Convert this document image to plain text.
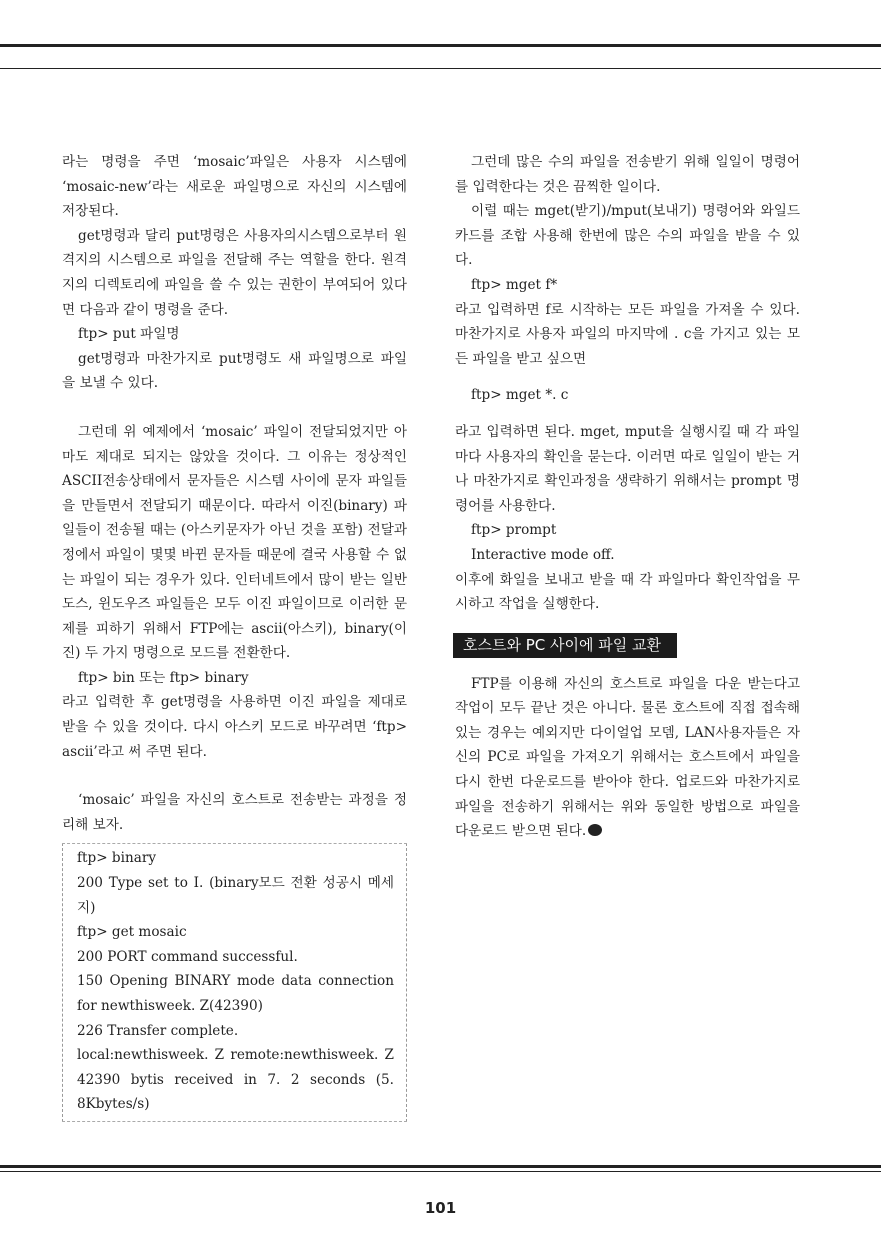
라는 명령을 주면 ‘mosaic’파일은 사용자 시스템에 ‘mosaic-new’라는 새로운 파일명으로 자신의 시스템에 저장된다.

get명령과 달리 put명령은 사용자의시스템으로부터 원격지의 시스템으로 파일을 전달해 주는 역할을 한다. 원격지의 디렉토리에 파일을 쓸 수 있는 권한이 부여되어 있다면 다음과 같이 명령을 준다.

ftp> put 파일명

get명령과 마찬가지로 put명령도 새 파일명으로 파일을 보낼 수 있다.

그런데 위 예제에서 ‘mosaic’ 파일이 전달되었지만 아마도 제대로 되지는 않았을 것이다. 그 이유는 정상적인 ASCII전송상태에서 문자들은 시스템 사이에 문자 파일들을 만들면서 전달되기 때문이다. 따라서 이진(binary) 파일들이 전송될 때는 (아스키문자가 아닌 것을 포함) 전달과정에서 파일이 몇몇 바뀐 문자들 때문에 결국 사용할 수 없는 파일이 되는 경우가 있다. 인터네트에서 많이 받는 일반 도스, 윈도우즈 파일들은 모두 이진 파일이므로 이러한 문제를 피하기 위해서 FTP에는 ascii(아스키), binary(이진) 두 가지 명령으로 모드를 전환한다.

ftp> bin 또는 ftp> binary

라고 입력한 후 get명령을 사용하면 이진 파일을 제대로 받을 수 있을 것이다. 다시 아스키 모드로 바꾸려면 ‘ftp> ascii’라고 써 주면 된다.

‘mosaic’ 파일을 자신의 호스트로 전송받는 과정을 정리해 보자.

ftp> binary

200 Type set to I. (binary모드 전환 성공시 메세지)

ftp> get mosaic

200 PORT command successful.

150 Opening BINARY mode data connection for newthisweek. Z(42390)

226 Transfer complete.

local:newthisweek. Z remote:newthisweek. Z 42390 bytis received in 7. 2 seconds (5. 8Kbytes/s)

그런데 많은 수의 파일을 전송받기 위해 일일이 명령어를 입력한다는 것은 끔찍한 일이다.

이럴 때는 mget(받기)/mput(보내기) 명령어와 와일드카드를 조합 사용해 한번에 많은 수의 파일을 받을 수 있다.

ftp> mget f*

라고 입력하면 f로 시작하는 모든 파일을 가져올 수 있다. 마찬가지로 사용자 파일의 마지막에 . c을 가지고 있는 모든 파일을 받고 싶으면

ftp> mget *. c

라고 입력하면 된다. mget, mput을 실행시킬 때 각 파일마다 사용자의 확인을 묻는다. 이러면 따로 일일이 받는 거나 마찬가지로 확인과정을 생략하기 위해서는 prompt 명령어를 사용한다.

ftp> prompt

Interactive mode off.

이후에 화일을 보내고 받을 때 각 파일마다 확인작업을 무시하고 작업을 실행한다.

호스트와 PC 사이에 파일 교환

FTP를 이용해 자신의 호스트로 파일을 다운 받는다고 작업이 모두 끝난 것은 아니다. 물론 호스트에 직접 접속해 있는 경우는 예외지만 다이얼업 모뎀, LAN사용자들은 자신의 PC로 파일을 가져오기 위해서는 호스트에서 파일을 다시 한번 다운로드를 받아야 한다. 업로드와 마찬가지로 파일을 전송하기 위해서는 위와 동일한 방법으로 파일을 다운로드 받으면 된다.

101
